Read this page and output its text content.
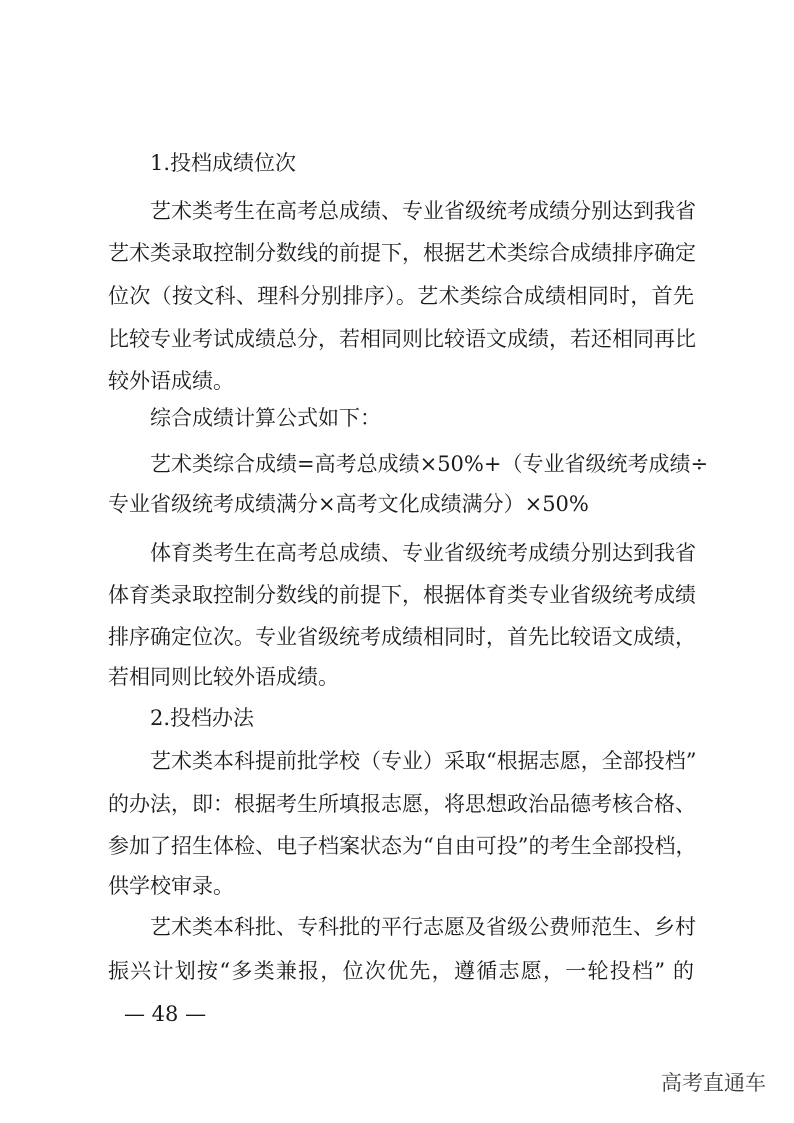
1.投档成绩位次
艺术类考生在高考总成绩、专业省级统考成绩分别达到我省
艺术类录取控制分数线的前提下，根据艺术类综合成绩排序确定
位次（按文科、理科分别排序）。艺术类综合成绩相同时，首先
比较专业考试成绩总分，若相同则比较语文成绩，若还相同再比
较外语成绩。
综合成绩计算公式如下：
艺术类综合成绩=高考总成绩×50%+（专业省级统考成绩÷
专业省级统考成绩满分×高考文化成绩满分）×50%
体育类考生在高考总成绩、专业省级统考成绩分别达到我省
体育类录取控制分数线的前提下，根据体育类专业省级统考成绩
排序确定位次。专业省级统考成绩相同时，首先比较语文成绩，
若相同则比较外语成绩。
2.投档办法
艺术类本科提前批学校（专业）采取“根据志愿，全部投档”
的办法，即：根据考生所填报志愿，将思想政治品德考核合格、
参加了招生体检、电子档案状态为“自由可投”的考生全部投档，
供学校审录。
艺术类本科批、专科批的平行志愿及省级公费师范生、乡村
振兴计划按“多类兼报，位次优先，遵循志愿，一轮投档” 的
— 48 —
高考直通车
